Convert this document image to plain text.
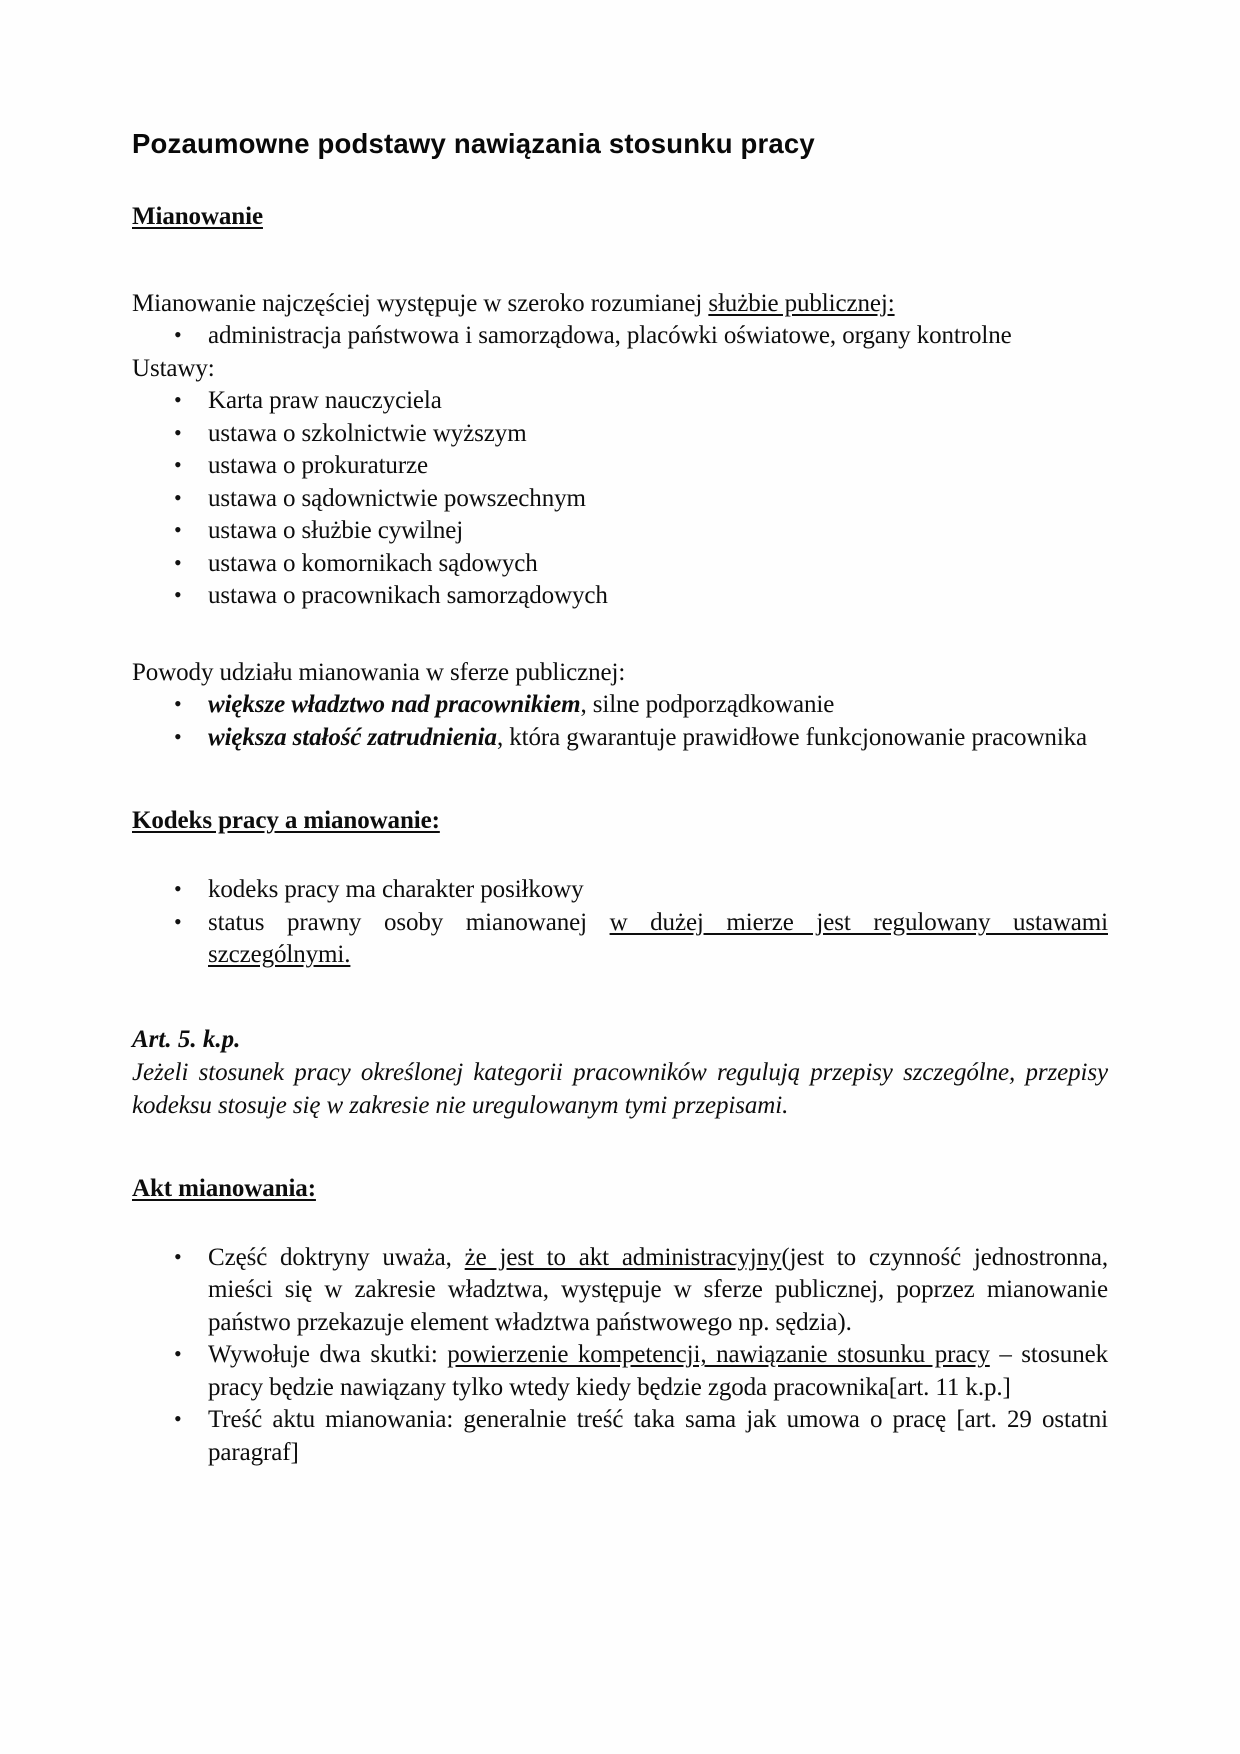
Pozaumowne podstawy nawiązania stosunku pracy
Mianowanie

Mianowanie najczęściej występuje w szeroko rozumianej służbie publicznej:

• administracja państwowa i samorządowa, placówki oświatowe, organy kontrolne

Ustawy:

• Karta praw nauczyciela
• ustawa o szkolnictwie wyższym
• ustawa o prokuraturze
• ustawa o sądownictwie powszechnym
• ustawa o służbie cywilnej
• ustawa o komornikach sądowych
• ustawa o pracownikach samorządowych

Powody udziału mianowania w sferze publicznej:

• większe władztwo nad pracownikiem, silne podporządkowanie
• większa stałość zatrudnienia, która gwarantuje prawidłowe funkcjonowanie pracownika
Kodeks pracy a mianowanie:
• kodeks pracy ma charakter posiłkowy
• status prawny osoby mianowanej w dużej mierze jest regulowany ustawami szczególnymi.

Art. 5. k.p.

Jeżeli stosunek pracy określonej kategorii pracowników regulują przepisy szczególne, przepisy kodeksu stosuje się w zakresie nie uregulowanym tymi przepisami.

Akt mianowania:
• Część doktryny uważa, że jest to akt administracyjny(jest to czynność jednostronna, mieści się w zakresie władztwa, występuje w sferze publicznej, poprzez mianowanie państwo przekazuje element władztwa państwowego np. sędzia).
• Wywołuje dwa skutki: powierzenie kompetencji, nawiązanie stosunku pracy – stosunek pracy będzie nawiązany tylko wtedy kiedy będzie zgoda pracownika[art. 11 k.p.]
• Treść aktu mianowania: generalnie treść taka sama jak umowa o pracę [art. 29 ostatni paragraf]
